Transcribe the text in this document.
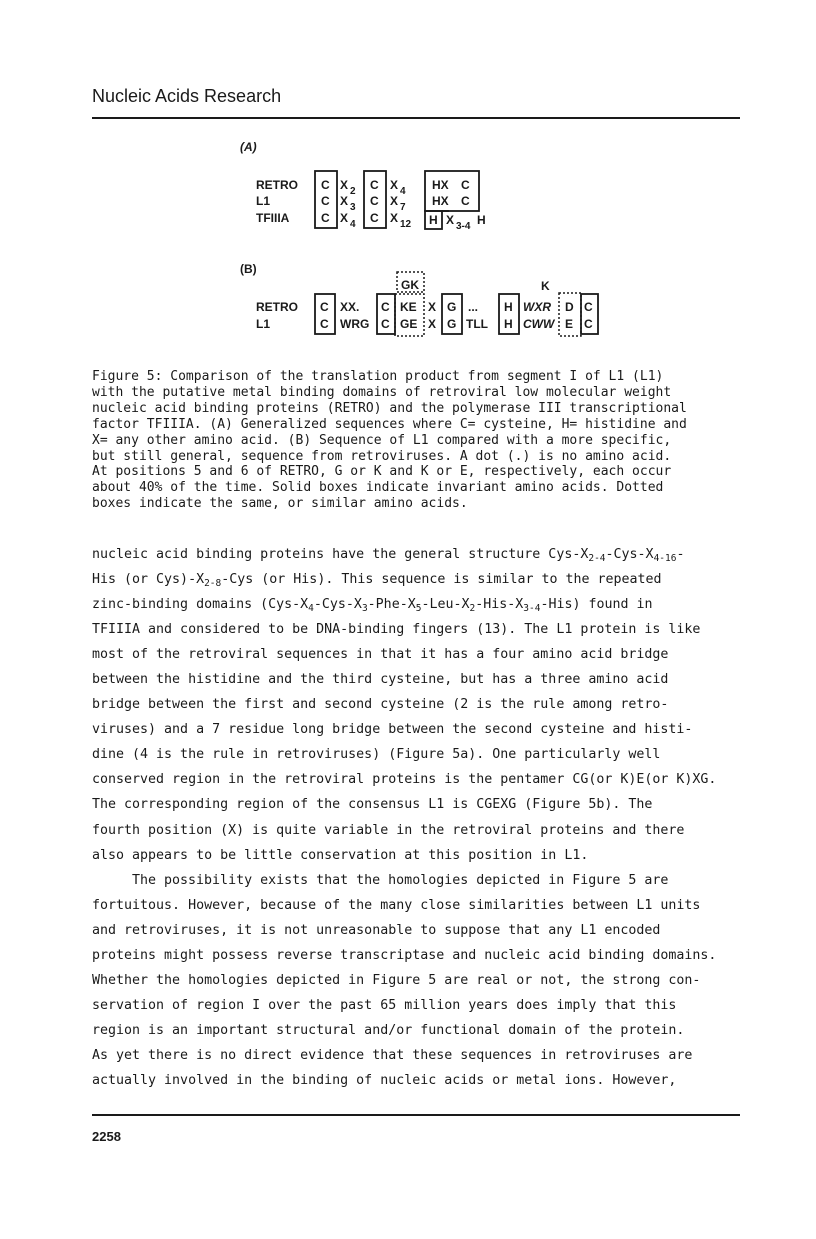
Nucleic Acids Research
(A)
RETRO
L1
TFIIIA
C
C
C
X 2
X 3
X 4
C
C
C
X 4
X 7
X 12
HX C
HX C
H X 3-4 H
(B)
K
GK
RETRO
L1
C
C
XX.
WRG
C
C
KE
GE
X
X
G
G
...
TLL
H
H
WXR
CWW
D
E
C
C
Figure 5: Comparison of the translation product from segment I of L1 (L1)
with the putative metal binding domains of retroviral low molecular weight
nucleic acid binding proteins (RETRO) and the polymerase III transcriptional
factor TFIIIA. (A) Generalized sequences where C= cysteine, H= histidine and
X= any other amino acid. (B) Sequence of L1 compared with a more specific,
but still general, sequence from retroviruses. A dot (.) is no amino acid.
At positions 5 and 6 of RETRO, G or K and K or E, respectively, each occur
about 40% of the time. Solid boxes indicate invariant amino acids. Dotted
boxes indicate the same, or similar amino acids.
nucleic acid binding proteins have the general structure Cys-$X_{2-4}-Cys-X_{4-16}-$
His (or $Cys)-X_{2-8}$-Cys (or His). This sequence is similar to the repeated
zinc-binding domains $(Cys-X_4-Cys-X_3-Phe-X_5-Leu-X_2-His-X_{3-4}-His)$ found in
TFIIIA and considered to be DNA-binding fingers (13). The L1 protein is like
most of the retroviral sequences in that it has a four amino acid bridge
between the histidine and the third cysteine, but has a three amino acid
bridge between the first and second cysteine (2 is the rule among retro-
viruses) and a 7 residue long bridge between the second cysteine and histi-
dine (4 is the rule in retroviruses) (Figure 5a). One particularly well
conserved region in the retroviral proteins is the pentamer CG(or K)E(or K)XG.
The corresponding region of the consensus L1 is CGEXG (Figure 5b). The
fourth position (X) is quite variable in the retroviral proteins and there
also appears to be little conservation at this position in L1.
The possibility exists that the homologies depicted in Figure 5 are
fortuitous. However, because of the many close similarities between L1 units
and retroviruses, it is not unreasonable to suppose that any L1 encoded
proteins might possess reverse transcriptase and nucleic acid binding domains.
Whether the homologies depicted in Figure 5 are real or not, the strong con-
servation of region I over the past 65 million years does imply that this
region is an important structural and/or functional domain of the protein.
As yet there is no direct evidence that these sequences in retroviruses are
actually involved in the binding of nucleic acids or metal ions. However,
2258
